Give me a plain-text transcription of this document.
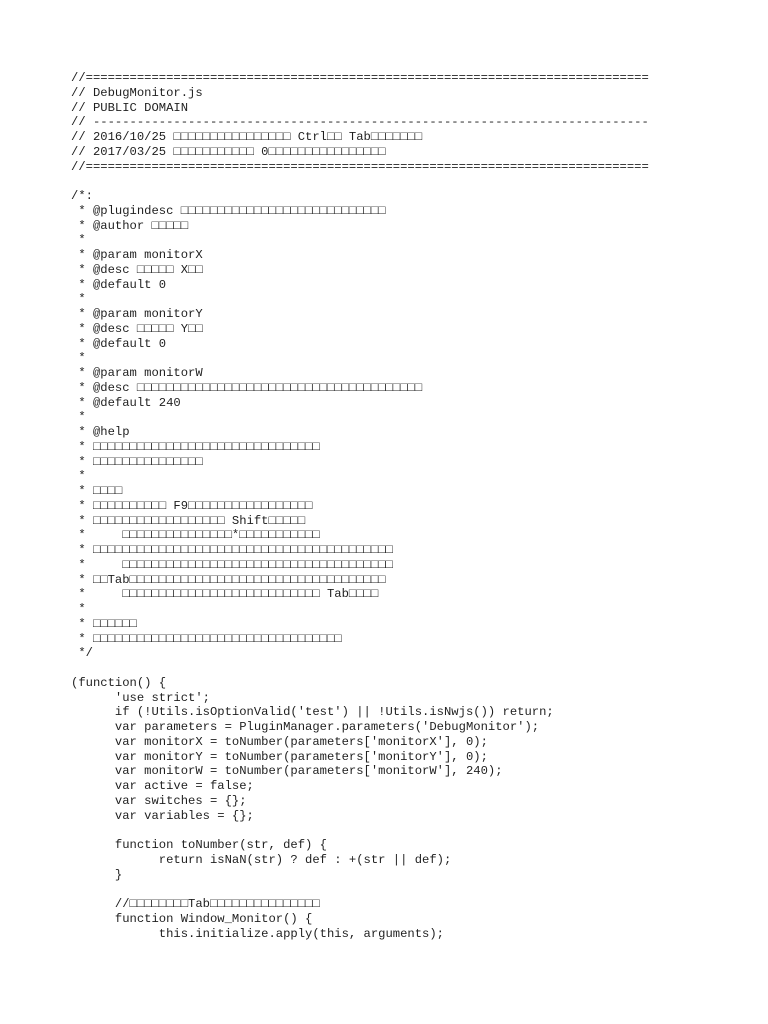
//=============================================================================
// DebugMonitor.js
// PUBLIC DOMAIN
// ----------------------------------------------------------------------------
// 2016/10/25 □□□□□□□□□□□□□□□□ Ctrl□□ Tab□□□□□□□
// 2017/03/25 □□□□□□□□□□□ 0□□□□□□□□□□□□□□□□
//=============================================================================
/*:
* @plugindesc □□□□□□□□□□□□□□□□□□□□□□□□□□□□
* @author □□□□□
*
* @param monitorX
* @desc □□□□□ X□□
* @default 0
*
* @param monitorY
* @desc □□□□□ Y□□
* @default 0
*
* @param monitorW
* @desc □□□□□□□□□□□□□□□□□□□□□□□□□□□□□□□□□□□□□□□
* @default 240
*
* @help
* □□□□□□□□□□□□□□□□□□□□□□□□□□□□□□□
* □□□□□□□□□□□□□□□
*
* □□□□
* □□□□□□□□□□ F9□□□□□□□□□□□□□□□□□
* □□□□□□□□□□□□□□□□□□ Shift□□□□□
*     □□□□□□□□□□□□□□□*□□□□□□□□□□□
* □□□□□□□□□□□□□□□□□□□□□□□□□□□□□□□□□□□□□□□□□
*     □□□□□□□□□□□□□□□□□□□□□□□□□□□□□□□□□□□□□
* □□Tab□□□□□□□□□□□□□□□□□□□□□□□□□□□□□□□□□□□
*     □□□□□□□□□□□□□□□□□□□□□□□□□□□ Tab□□□□
*
* □□□□□□
* □□□□□□□□□□□□□□□□□□□□□□□□□□□□□□□□□□
*/
(function() {
'use strict';
if (!Utils.isOptionValid('test') || !Utils.isNwjs()) return;
var parameters = PluginManager.parameters('DebugMonitor');
var monitorX = toNumber(parameters['monitorX'], 0);
var monitorY = toNumber(parameters['monitorY'], 0);
var monitorW = toNumber(parameters['monitorW'], 240);
var active = false;
var switches = {};
var variables = {};
function toNumber(str, def) {
return isNaN(str) ? def : +(str || def);
}
//□□□□□□□□Tab□□□□□□□□□□□□□□□
function Window_Monitor() {
this.initialize.apply(this, arguments);
